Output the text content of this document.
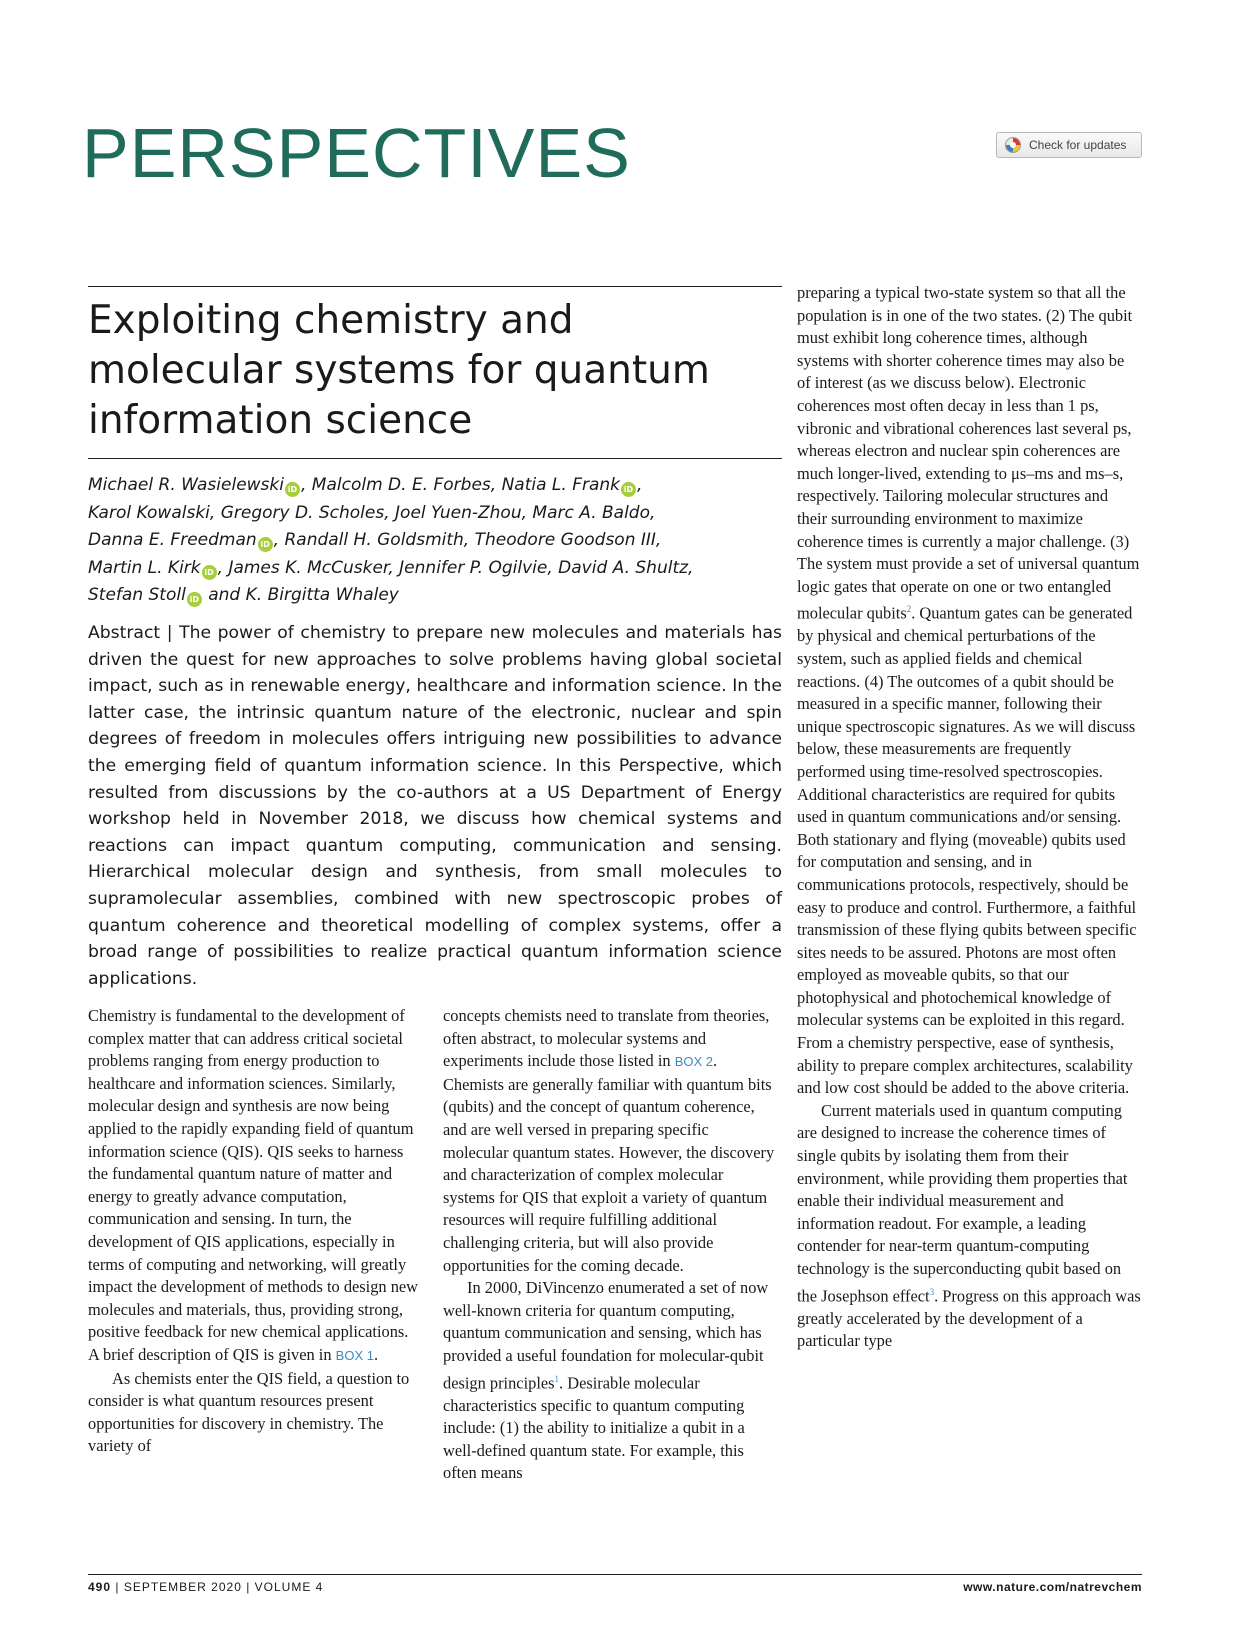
PERSPECTIVES	Check for updates
Exploiting chemistry and molecular systems for quantum information science
Michael R. Wasielewski iD , Malcolm D. E. Forbes, Natia L. Frank iD ,
Karol Kowalski, Gregory D. Scholes, Joel Yuen-Zhou, Marc A. Baldo,
Danna E. Freedman iD , Randall H. Goldsmith, Theodore Goodson III,
Martin L. Kirk iD , James K. McCusker, Jennifer P. Ogilvie, David A. Shultz,
Stefan Stoll iD and K. Birgitta Whaley
Abstract | The power of chemistry to prepare new molecules and materials has driven the quest for new approaches to solve problems having global societal impact, such as in renewable energy, healthcare and information science. In the latter case, the intrinsic quantum nature of the electronic, nuclear and spin degrees of freedom in molecules offers intriguing new possibilities to advance the emerging field of quantum information science. In this Perspective, which resulted from discussions by the co-authors at a US Department of Energy workshop held in November 2018, we discuss how chemical systems and reactions can impact quantum computing, communication and sensing. Hierarchical molecular design and synthesis, from small molecules to supramolecular assemblies, combined with new spectroscopic probes of quantum coherence and theoretical modelling of complex systems, offer a broad range of possibilities to realize practical quantum information science applications.

Chemistry is fundamental to the development of complex matter that can address critical societal problems ranging from energy production to healthcare and information sciences. Similarly, molecular design and synthesis are now being applied to the rapidly expanding field of quantum information science (QIS). QIS seeks to harness the fundamental quantum nature of matter and energy to greatly advance computation, communication and sensing. In turn, the development of QIS applications, especially in terms of computing and networking, will greatly impact the development of methods to design new molecules and materials, thus, providing strong, positive feedback for new chemical applications. A brief description of QIS is given in BOX 1.

As chemists enter the QIS field, a question to consider is what quantum resources present opportunities for discovery in chemistry. The variety of

concepts chemists need to translate from theories, often abstract, to molecular systems and experiments include those listed in BOX 2. Chemists are generally familiar with quantum bits (qubits) and the concept of quantum coherence, and are well versed in preparing specific molecular quantum states. However, the discovery and characterization of complex molecular systems for QIS that exploit a variety of quantum resources will require fulfilling additional challenging criteria, but will also provide opportunities for the coming decade.

In 2000, DiVincenzo enumerated a set of now well-known criteria for quantum computing, quantum communication and sensing, which has provided a useful foundation for molecular-qubit design principles$^1$. Desirable molecular characteristics specific to quantum computing include: (1) the ability to initialize a qubit in a well-defined quantum state. For example, this often means

preparing a typical two-state system so that all the population is in one of the two states. (2) The qubit must exhibit long coherence times, although systems with shorter coherence times may also be of interest (as we discuss below). Electronic coherences most often decay in less than 1 ps, vibronic and vibrational coherences last several ps, whereas electron and nuclear spin coherences are much longer-lived, extending to μs–ms and ms–s, respectively. Tailoring molecular structures and their surrounding environment to maximize coherence times is currently a major challenge. (3) The system must provide a set of universal quantum logic gates that operate on one or two entangled molecular qubits$^2$. Quantum gates can be generated by physical and chemical perturbations of the system, such as applied fields and chemical reactions. (4) The outcomes of a qubit should be measured in a specific manner, following their unique spectroscopic signatures. As we will discuss below, these measurements are frequently performed using time-resolved spectroscopies. Additional characteristics are required for qubits used in quantum communications and/or sensing. Both stationary and flying (moveable) qubits used for computation and sensing, and in communications protocols, respectively, should be easy to produce and control. Furthermore, a faithful transmission of these flying qubits between specific sites needs to be assured. Photons are most often employed as moveable qubits, so that our photophysical and photochemical knowledge of molecular systems can be exploited in this regard. From a chemistry perspective, ease of synthesis, ability to prepare complex architectures, scalability and low cost should be added to the above criteria.

Current materials used in quantum computing are designed to increase the coherence times of single qubits by isolating them from their environment, while providing them properties that enable their individual measurement and information readout. For example, a leading contender for near-term quantum-computing technology is the superconducting qubit based on the Josephson effect$^3$. Progress on this approach was greatly accelerated by the development of a particular type

490 | SEPTEMBER 2020 | VOLUME 4	www.nature.com/natrevchem
